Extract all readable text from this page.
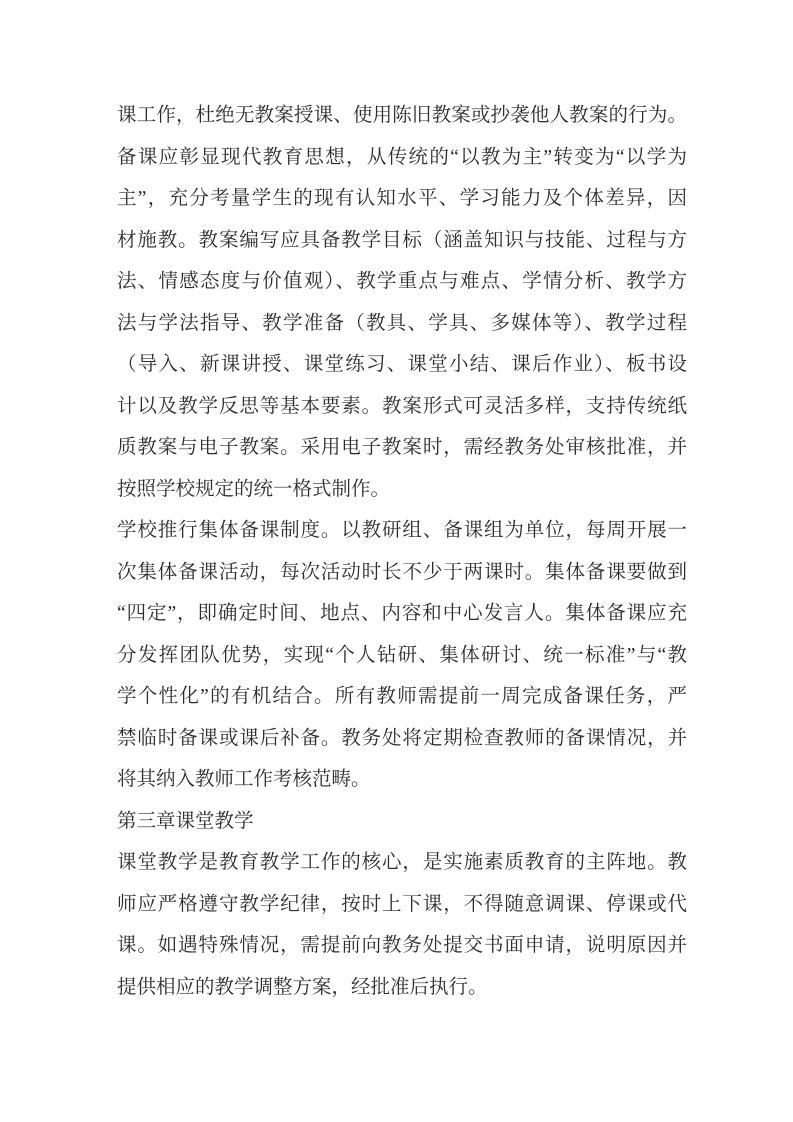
课工作，杜绝无教案授课、使用陈旧教案或抄袭他人教案的行为。
备课应彰显现代教育思想，从传统的“以教为主”转变为“以学为
主”，充分考量学生的现有认知水平、学习能力及个体差异，因
材施教。教案编写应具备教学目标（涵盖知识与技能、过程与方
法、情感态度与价值观）、教学重点与难点、学情分析、教学方
法与学法指导、教学准备（教具、学具、多媒体等）、教学过程
（导入、新课讲授、课堂练习、课堂小结、课后作业）、板书设
计以及教学反思等基本要素。教案形式可灵活多样，支持传统纸
质教案与电子教案。采用电子教案时，需经教务处审核批准，并
按照学校规定的统一格式制作。

学校推行集体备课制度。以教研组、备课组为单位，每周开展一
次集体备课活动，每次活动时长不少于两课时。集体备课要做到
“四定”，即确定时间、地点、内容和中心发言人。集体备课应充
分发挥团队优势，实现“个人钻研、集体研讨、统一标准”与“教
学个性化”的有机结合。所有教师需提前一周完成备课任务，严
禁临时备课或课后补备。教务处将定期检查教师的备课情况，并
将其纳入教师工作考核范畴。

第三章课堂教学

课堂教学是教育教学工作的核心，是实施素质教育的主阵地。教
师应严格遵守教学纪律，按时上下课，不得随意调课、停课或代
课。如遇特殊情况，需提前向教务处提交书面申请，说明原因并
提供相应的教学调整方案，经批准后执行。
